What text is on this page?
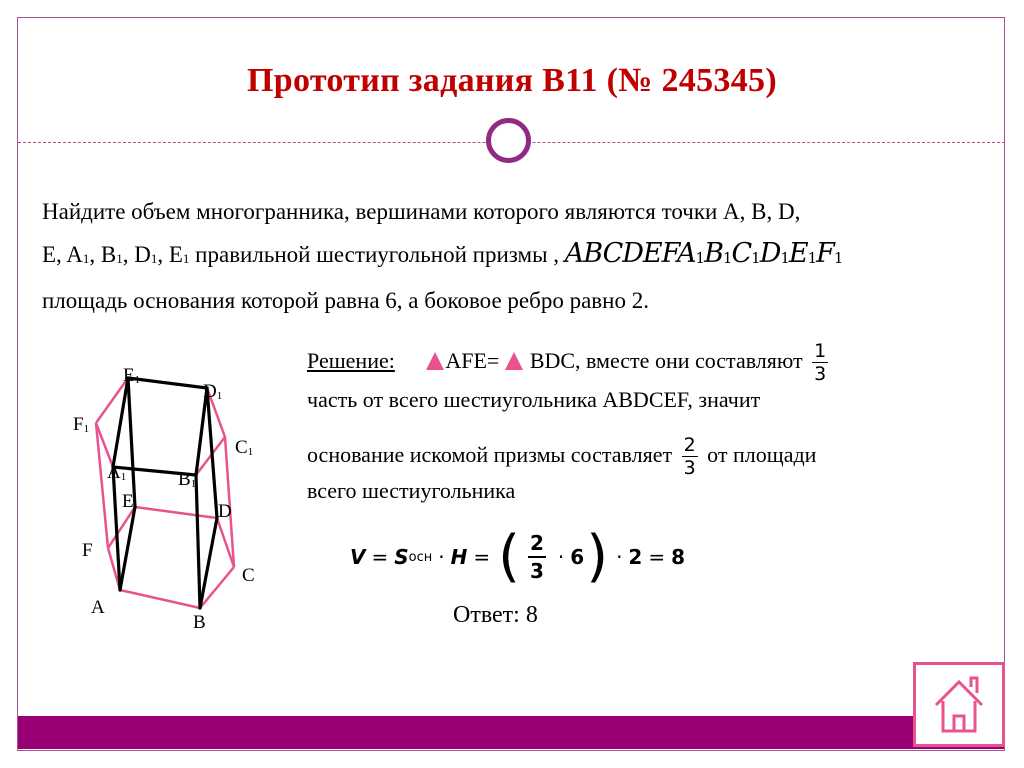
Прототип задания B11 (№ 245345)
Найдите объем многогранника, вершинами которого являются точки A, B, D,
E, $A_1$, $B_1$, $D_1$, $E_1$ правильной шестиугольной призмы , $ABCDEFA_1B_1C_1D_1E_1F_1$
площадь основания которой равна 6, а боковое ребро равно 2.
E1
D1
F1
C1
A1	B1
E	D
F
C
A
B
Решение: AFE= BDC, вместе они составляют $\frac{1}{3}$
часть от всего шестиугольника ABDCEF, значит
основание искомой призмы составляет $\frac{2}{3}$ от площади
всего шестиугольника
V = S осн · H = ( $\frac{2}{3} \cdot 6$ ) · 2 = 8
Ответ: 8
